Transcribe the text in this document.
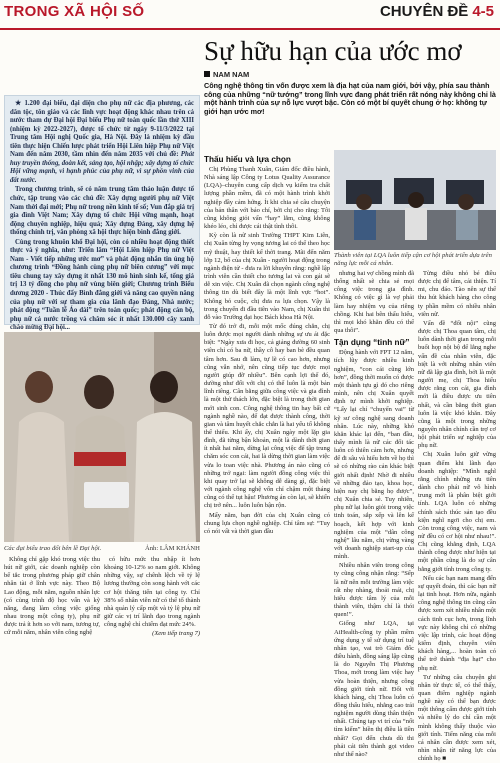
TRONG XÃ HỘI SỐ	CHUYÊN ĐỀ 4-5
Sự hữu hạn của ước mơ
NAM NAM
Công nghệ thông tin vốn được xem là địa hạt của nam giới, bởi vậy, phía sau thành công của những “nữ tướng” trong lĩnh vực đang phát triển rất nóng này không chỉ là một hành trình của sự nỗ lực vượt bậc. Còn có một bí quyết chung ở họ: không tự giới hạn ước mơ!

★ 1.200 đại biểu, đại diện cho phụ nữ các địa phương, các dân tộc, tôn giáo và các lĩnh vực hoạt động khác nhau trên cả nước tham dự Đại hội Đại biểu Phụ nữ toàn quốc lần thứ XIII (nhiệm kỳ 2022-2027), được tổ chức từ ngày 9-11/3/2022 tại Trung tâm Hội nghị Quốc gia, Hà Nội. Đây là nhiệm kỳ đầu tiên thực hiện Chiến lược phát triển Hội Liên hiệp Phụ nữ Việt Nam đến năm 2030, tầm nhìn đến năm 2035 với chủ đề: Phát huy truyền thống, đoàn kết, sáng tạo, hội nhập; xây dựng tổ chức Hội vững mạnh, vì hạnh phúc của phụ nữ, vì sự phồn vinh của đất nước.

Trong chương trình, sẽ có năm trung tâm thảo luận được tổ chức, tập trung vào các chủ đề: Xây dựng người phụ nữ Việt Nam thời đại mới; Phụ nữ trong nền kinh tế số; Vun đắp giá trị gia đình Việt Nam; Xây dựng tổ chức Hội vững mạnh, hoạt động chuyên nghiệp, hiệu quả; Xây dựng Đảng, xây dựng hệ thống chính trị, văn phòng xã hội thực hiện bình đẳng giới.

Cùng trong khuôn khổ Đại hội, còn có nhiều hoạt động thiết thực và ý nghĩa, như: Triển lãm “Hội Liên hiệp Phụ nữ Việt Nam - Viết tiếp những ước mơ” và phát động nhắn tin ủng hộ chương trình “Đồng hành cùng phụ nữ biên cương” với mục tiêu chung tay xây dựng ít nhất 130 mô hình sinh kế, tổng giá trị 13 tỷ đồng cho phụ nữ vùng biên giới; Chương trình Biểu dương 2020 - Thúc đẩy Bình đẳng giới và nâng cao quyền năng của phụ nữ với sự tham gia của lãnh đạo Đảng, Nhà nước; phát động “Tuần lễ Áo dài” trên toàn quốc; phát động cán bộ, phụ nữ cả nước trồng và chăm sóc ít nhất 130.000 cây xanh chào mừng Đại hội...

Các đại biểu trao đổi bên lề Đại hội.	Ảnh: LÂM KHÁNH
Thành viên tại LQA luôn tiếp cận cơ hội phát triển dựa trên năng lực mỗi cá nhân.
Thấu hiểu và lựa chọn

Chị Phùng Thanh Xuân, Giám đốc điều hành, Nhà sáng lập Công ty Lotus Quality Assurance (LQA)–chuyên cung cấp dịch vụ kiểm tra chất lượng phần mềm, đã có một hành trình khởi nghiệp đầy cảm hứng. Ít khi chia sẻ câu chuyện của bản thân với báo chí, bởi chị cho rằng: Tôi cũng không giỏi vấn “hay” lắm, cũng không khéo léo, chỉ được cái thật tình thôi.

Kỳ còn là nữ sinh Trường THPT Kim Liên, chị Xuân từng hy vọng tương lai có thể theo học mỹ thuật, hay thiết kế thời trang. Mãi đến năm lớp 12, bố của chị Xuân - người hoạt động trong ngành điện tử - đưa ra lời khuyên rằng: nghề lập trình viên cần thiết cho tương lai và con gái sẽ dễ xin việc. Chị Xuân đã chọn ngành công nghệ thông tin dù biết đây là một lĩnh vực “hot”. Không bỏ cuộc, chị đưa ra lựa chọn. Vậy là trong chuyến đi đầu tiên vào Nam, chị Xuân thi đỗ vào Trường đại học Bách khoa Hà Nội.

Từ đó trở đi, mỗi một mốc đúng chắn, chị luôn được mọi người dành những sự ưu ái đặc biệt: “Ngày xưa đi học, cả giảng đường 60 sinh viên chỉ có ba nữ, thầy cô hay ban bè đều quan tâm hơn. Sau đi làm, tự lẽ có cao hơn, nhưng cũng vẫn nhớ, nên cũng tiếp tục được mọi người giúp đỡ nhiều”. Bên cạnh lợi thế đó, dường như đối với chị có thể luôn là một bản lĩnh riêng. Cân bằng giữa công việc và gia đình là một thử thách lớn, đặc biệt là trong thời gian mới sinh con. Công nghệ thông tin hay bất cứ ngành nghề nào, để đạt được thành công, thời gian và tâm huyết chắc chắn là hai yếu tố không thể thiếu. Khi ấy, chị Xuân ngày một lặp gia đình, đã từng bận khoản, một là dành thời gian ít nhất hai năm, dừng lại công việc để tập trung chăm sóc con cái, hai là dừng thời gian làm việc vừa lo toan việc nhà. Phương án nào cũng có những trở ngại: làm người đồng công việc thì khi quay trở lại sẽ không dễ dàng gì, đặc biệt với ngành công nghệ vốn chỉ chậm một tháng cũng có thể tụt hậu! Phương án còn lại, sẽ khiến chị trở nên... luôn luôn bận rộn.

Mấy năm, bạn đời của chị Xuân cũng có chung lựa chọn nghề nghiệp. Chỉ tâm sự: “Tuy có nói vất và thời gian đầu

nhưng hai vợ chồng mình đã thống nhất sẽ chia sẻ mọi công việc trong gia đình. Không có việc gì là vợ phải làm hay nhiệm vụ của riêng chồng. Khi hai bên thấu hiểu, thì mọi khó khăn đều có thể qua thôi”.

Tận dụng “tinh nữ”

Động hành với FPT 12 năm, tích lũy được nhiều kinh nghiệm, “con cái cũng lớn hơn”, đồng thời muốn có được một thành tựu gì đó cho riêng mình, nên chị Xuân quyết định tự mình khởi nghiệp. “Lấy lại chí “chuyển vai” từ kỹ sư công nghệ sang doanh nhân. Lúc này, những khó khăn khác lại đến, “ban đầu, thấy mình là nữ các đối tác luôn có thiên cảm hơn, nhưng để đi sâu và hiểu hơn về họ thì sẽ có những rào cản khác biệt giới nhất định! Nhờ đi nhiều về những đảo tạo, khoa học, hiện nay chị bằng họ được”, chị Xuân chia sẻ. Tuy nhiên, phụ nữ lại luôn giỏi trong việc tinh toán, sắp xếp và lên kế hoạch, kết hợp với kinh nghiệm của một “dân công nghệ” lâu năm, chị vừng vàng với doanh nghiệp start-up của mình.

Nhiều nhân viên trong công ty cũng công nhận rằng: “Sếp là nữ nên mỗi trường làm việc rất nhẹ nhàng, thoải mái, chị hiểu được tâm lý của mỗi thành viên, thậm chí là thói quen!”.

Giống như LQA, tại AiHealth-công ty phần mềm ứng dụng y tế sử dụng trí tuệ nhân tạo, vai trò Giám đốc điều hành, đồng sáng lập cũng là do Nguyễn Thị Phương Thoa, mới trong làm việc hay vừa hoàn thiện, nhưng công đồng giới tính nữ. Đối với khách hàng, chị Thoa luôn có đồng thấu hiểu, nhằng cao trải nghiệm người dùng thân thiện nhất. Chúng tạp vi trí của “nốt tìm kiếm” hiền thị điều là tiền nhất? Gọi đến chưa dù thi phải cái tiên thành gọi video như thế nào?

Từng điều nhỏ bé điều được chị để tâm, cải thiện. Tí mi, chu đáo. Tào nên sự thể thu hút khách hàng cho công ty phần mềm có nhiều nhân viên nữ.

Vấn đề “đối nội” cũng được chị Thoa quan tâm, chị luôn dành thời gian trong mỗi buổi họp nội bộ để lắng nghe vấn đề của nhân viên, đặc biệt là với những nhân viên nữ đã lập gia đình, bởi là một người mẹ, chị Thoa hiểu được rằng con cái, gia đình mới là điều được ưu tiên nhất, và cần bằng thời gian luôn là việc khó khăn. Đây cũng là một trong những nguyên nhân chính cần trợ cơ hội phát triển sự nghiệp của phụ nữ.

Chị Xuân luôn giữ vững quan điểm khi lãnh đạo doanh nghiệp: “Mình nghĩ rằng chính những ưu tiên dành cho phái nữ vô hình trung mới là phân biệt giới tính. LQA luôn có những chính sách thúc sản tạo đều kiện nghĩ ngơi cho chị em. Còn trong công việc, nam và nữ đều có cơ hội như nhau!”. Chị cũng khẳng định, LQA thành công được như hiện tại một phần cũng là do sự cân bằng giới tính trong công ty.

Nếu các bạn nam mang đến sự quyết đoán, thì các bạn nữ lại tinh hoạt. Hơn nữa, ngành công nghệ thông tin cũng cần được xem xét nhiều nhân một cách tinh cục hơn, trong lĩnh vực này không chỉ có những việc lập trình, các hoạt động kiểm định, chuyên viên khách hàng,... hoàn toàn có thể trở thành “địa hạt” cho phụ nữ.

Tư những câu chuyện ghi nhân từ thực tế, có thể thấy, quan điểm nghiệp ngành nghề này có thể bạn được một thông cấm được giới tính và nhiều lý do chỉ cần một mình không thấy thuộc vào giới tính. Tiểm năng của mỗi cá nhân cần được xem xét, nhìn nhận từ năng lực của chính họ ■

Không chỉ gặp khó trong việc thu hút nữ giới, các doanh nghiệp còn bế tắc trong phương pháp giữ chân nhân tài ở lĩnh vực này. Theo Bộ Lao động, mỗi năm, nguồn nhân lực (có cùng trình độ học vấn và kỹ năng, đang làm công việc giống nhau trong một công ty), phụ nữ được trả ít hơn so với nam, tương tự, cứ mỗi năm, nhân viên công nghệ

có hữu mức thu nhập ít hơn khoảng 10-12% so nam giới. Không những vậy, sự chênh lệch về tỷ lệ lương thường còn song hành với các cơ hội thăng tiến tại công ty. Chỉ 38% số nhân viên nữ có thể tố thành nhà quản lý cấp một và tỷ lệ phụ nữ giữ các vị trí lãnh đạo trong ngành công nghệ chỉ chiếm đạt mức 24%.

(Xem tiếp trang 7)
